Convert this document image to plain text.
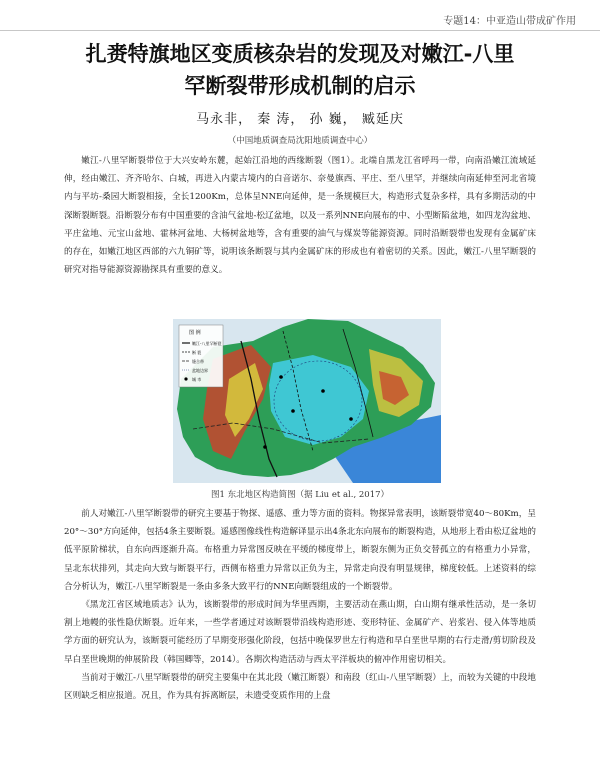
专题14：中亚造山带成矿作用
扎赉特旗地区变质核杂岩的发现及对嫩江-八里
罕断裂带形成机制的启示
马永非， 秦 涛， 孙 巍， 臧延庆
（中国地质调查局沈阳地质调查中心）

嫩江-八里罕断裂带位于大兴安岭东麓，起始江沿地的西缘断裂（图1）。北端自黑龙江省呼玛一带，向南沿嫩江流域延伸，经由嫩江、齐齐哈尔、白城，再进入内蒙古境内的白音诺尔、奈曼旗西、平庄、至八里罕，并继续向南延伸至河北省境内与平坊-桑园大断裂相接，全长1200Km，总体呈NNE向延伸，是一条规模巨大，构造形式复杂多样，具有多期活动的中深断裂断裂。沿断裂分布有中国重要的含油气盆地-松辽盆地，以及一系列NNE向展布的中、小型断陷盆地，如四龙沟盆地、平庄盆地、元宝山盆地、霍林河盆地、大杨树盆地等，含有重要的油气与煤炭等能源资源。同时沿断裂带也发现有金属矿床的存在，如嫩江地区西部的六九铜矿等，说明该条断裂与其内金属矿床的形成也有着密切的关系。因此，嫩江-八里罕断裂的研究对指导能源资源勘探具有重要的意义。

图 例
嫩江-八里罕断裂
断 裂
缝合带
盆地边界
城 市
图1 东北地区构造简图（据 Liu et al., 2017）

前人对嫩江-八里罕断裂带的研究主要基于物探、遥感、重力等方面的资料。物探异常表明，该断裂带宽40～80Km，呈20°～30°方向延伸，包括4条主要断裂。遥感图像线性构造解译显示出4条北东向展布的断裂构造，从地形上看由松辽盆地的低平原阶梯状，自东向西逐渐升高。布格重力异常图反映在平缓的梯度带上，断裂东侧为正负交替孤立的有格重力小异常，呈北东状排列，其走向大致与断裂平行，西侧布格重力异常以正负为主，异常走向没有明显规律，梯度较低。上述资料的综合分析认为，嫩江-八里罕断裂是一条由多条大致平行的NNE向断裂组成的一个断裂带。

《黑龙江省区域地质志》认为，该断裂带的形成时间为华里西期，主要活动在燕山期，白山期有继承性活动，是一条切割上地幔的张性隐伏断裂。近年来，一些学者通过对该断裂带沿线构造形迹、变形特征、金属矿产、岩浆岩、侵入体等地质学方面的研究认为，该断裂可能经历了早期变形强化阶段，包括中晚保罗世左行构造和早白垩世早期的右行走滑/剪切阶段及早白垩世晚期的伸展阶段（韩国卿等，2014）。各期次构造活动与西太平洋板块的俯冲作用密切相关。

当前对于嫩江-八里罕断裂带的研究主要集中在其北段（嫩江断裂）和南段（红山-八里罕断裂）上，而较为关键的中段地区则缺乏相应报道。况且，作为具有拆离断层，未遗受变质作用的上盘
